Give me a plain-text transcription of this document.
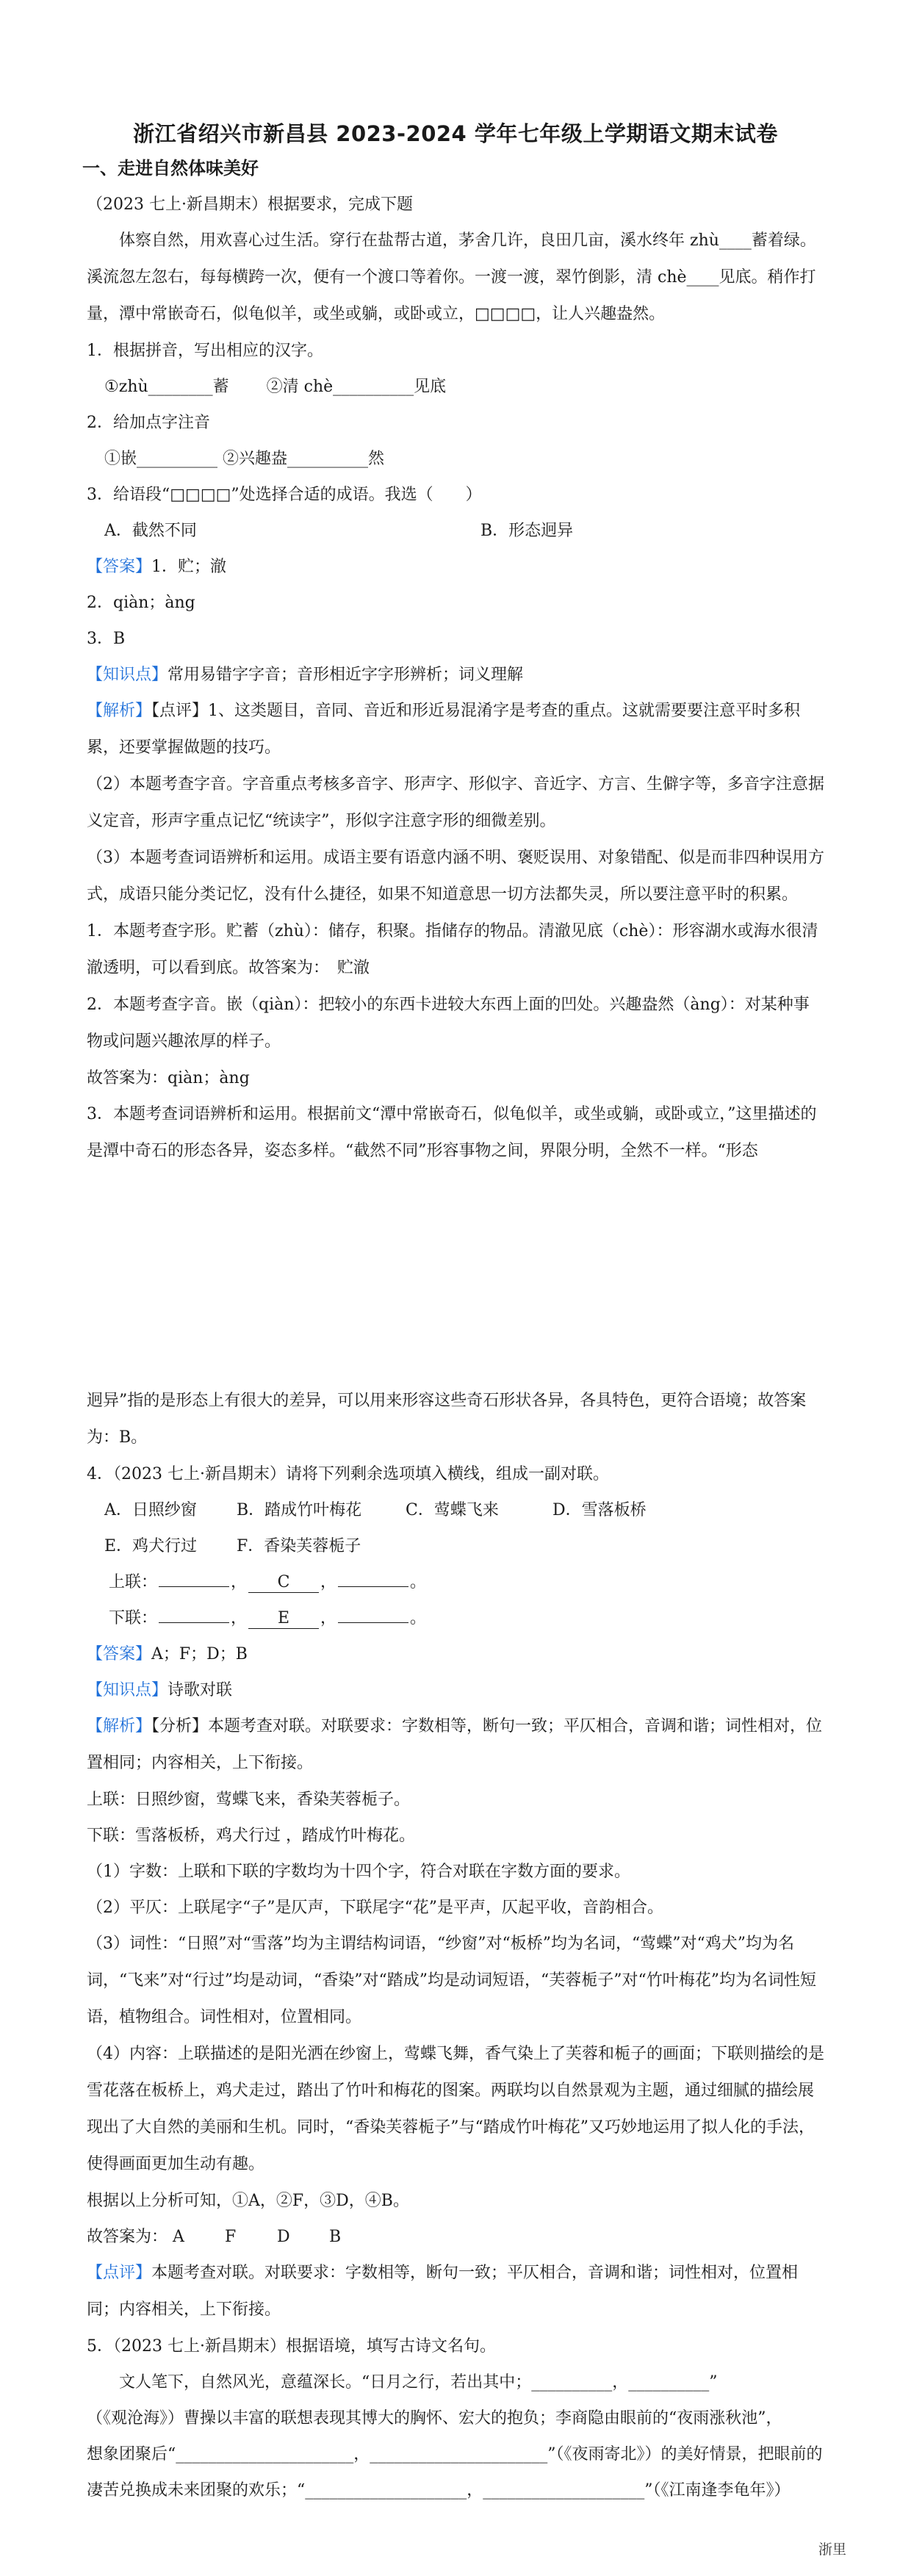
浙江省绍兴市新昌县 2023-2024 学年七年级上学期语文期末试卷
一、走进自然体味美好

（2023 七上·新昌期末）根据要求，完成下题

体察自然，用欢喜心过生活。穿行在盐帮古道，茅舍几许，良田几亩，溪水终年 zhù____蓄着绿。溪流忽左忽右，每每横跨一次，便有一个渡口等着你。一渡一渡，翠竹倒影，清 chè____见底。稍作打量，潭中常嵌奇石，似龟似羊，或坐或躺，或卧或立，□□□□，让人兴趣盎然。

1．根据拼音，写出相应的汉字。

①zhù________蓄　　 ②清 chè__________见底

2．给加点字注音

①嵌__________ ②兴趣盎__________然

3．给语段“□□□□”处选择合适的成语。我选（　　）

A．截然不同	B．形态迥异

【答案】1．贮；澈

2．qiàn；àng

3．B

【知识点】常用易错字字音；音形相近字字形辨析；词义理解

【解析】【点评】1、这类题目，音同、音近和形近易混淆字是考查的重点。这就需要要注意平时多积累，还要掌握做题的技巧。

（2）本题考查字音。字音重点考核多音字、形声字、形似字、音近字、方言、生僻字等，多音字注意据义定音，形声字重点记忆“统读字”，形似字注意字形的细微差别。

（3）本题考查词语辨析和运用。成语主要有语意内涵不明、褒贬误用、对象错配、似是而非四种误用方式，成语只能分类记忆，没有什么捷径，如果不知道意思一切方法都失灵，所以要注意平时的积累。

1．本题考查字形。贮蓄（zhù）：储存，积聚。指储存的物品。清澈见底（chè）：形容湖水或海水很清澈透明，可以看到底。故答案为：　贮澈

2．本题考查字音。嵌（qiàn）：把较小的东西卡进较大东西上面的凹处。兴趣盎然（àng）：对某种事物或问题兴趣浓厚的样子。

故答案为：qiàn；àng

3．本题考查词语辨析和运用。根据前文“潭中常嵌奇石，似龟似羊，或坐或躺，或卧或立，”这里描述的是潭中奇石的形态各异，姿态多样。“截然不同”形容事物之间，界限分明，全然不一样。“形态

迥异”指的是形态上有很大的差异，可以用来形容这些奇石形状各异，各具特色，更符合语境；故答案为：B。

4．（2023 七上·新昌期末）请将下列剩余选项填入横线，组成一副对联。

A．日照纱窗	B．踏成竹叶梅花	C．莺蝶飞来	D．雪落板桥

E．鸡犬行过	F．香染芙蓉栀子

上联：	， C ，	。

下联：	， E ，	。

【答案】A；F；D；B

【知识点】诗歌对联

【解析】【分析】本题考查对联。对联要求：字数相等，断句一致；平仄相合，音调和谐；词性相对，位置相同；内容相关，上下衔接。

上联：日照纱窗，莺蝶飞来，香染芙蓉栀子。

下联：雪落板桥，鸡犬行过 ，踏成竹叶梅花。

（1）字数：上联和下联的字数均为十四个字，符合对联在字数方面的要求。

（2）平仄：上联尾字“子”是仄声，下联尾字“花”是平声，仄起平收，音韵相合。

（3）词性：“日照”对“雪落”均为主谓结构词语，“纱窗”对“板桥”均为名词，“莺蝶”对“鸡犬”均为名词，“飞来”对“行过”均是动词，“香染”对“踏成”均是动词短语，“芙蓉栀子”对“竹叶梅花”均为名词性短语，植物组合。词性相对，位置相同。

（4）内容：上联描述的是阳光洒在纱窗上，莺蝶飞舞，香气染上了芙蓉和栀子的画面；下联则描绘的是雪花落在板桥上，鸡犬走过，踏出了竹叶和梅花的图案。两联均以自然景观为主题，通过细腻的描绘展现出了大自然的美丽和生机。同时，“香染芙蓉栀子”与“踏成竹叶梅花”又巧妙地运用了拟人化的手法，使得画面更加生动有趣。

根据以上分析可知，①A，②F，③D，④B。

故答案为： A	F	D B

【点评】本题考查对联。对联要求：字数相等，断句一致；平仄相合，音调和谐；词性相对，位置相同；内容相关，上下衔接。

5．（2023 七上·新昌期末）根据语境，填写古诗文名句。

文人笔下，自然风光，意蕴深长。“日月之行，若出其中；__________，__________”

（《观沧海》）曹操以丰富的联想表现其博大的胸怀、宏大的抱负；李商隐由眼前的“夜雨涨秋池”，

想象团聚后“______________________，______________________”（《夜雨寄北》）的美好情景，把眼前的

凄苦兑换成未来团聚的欢乐；“____________________，____________________”（《江南逢李龟年》）

浙里
